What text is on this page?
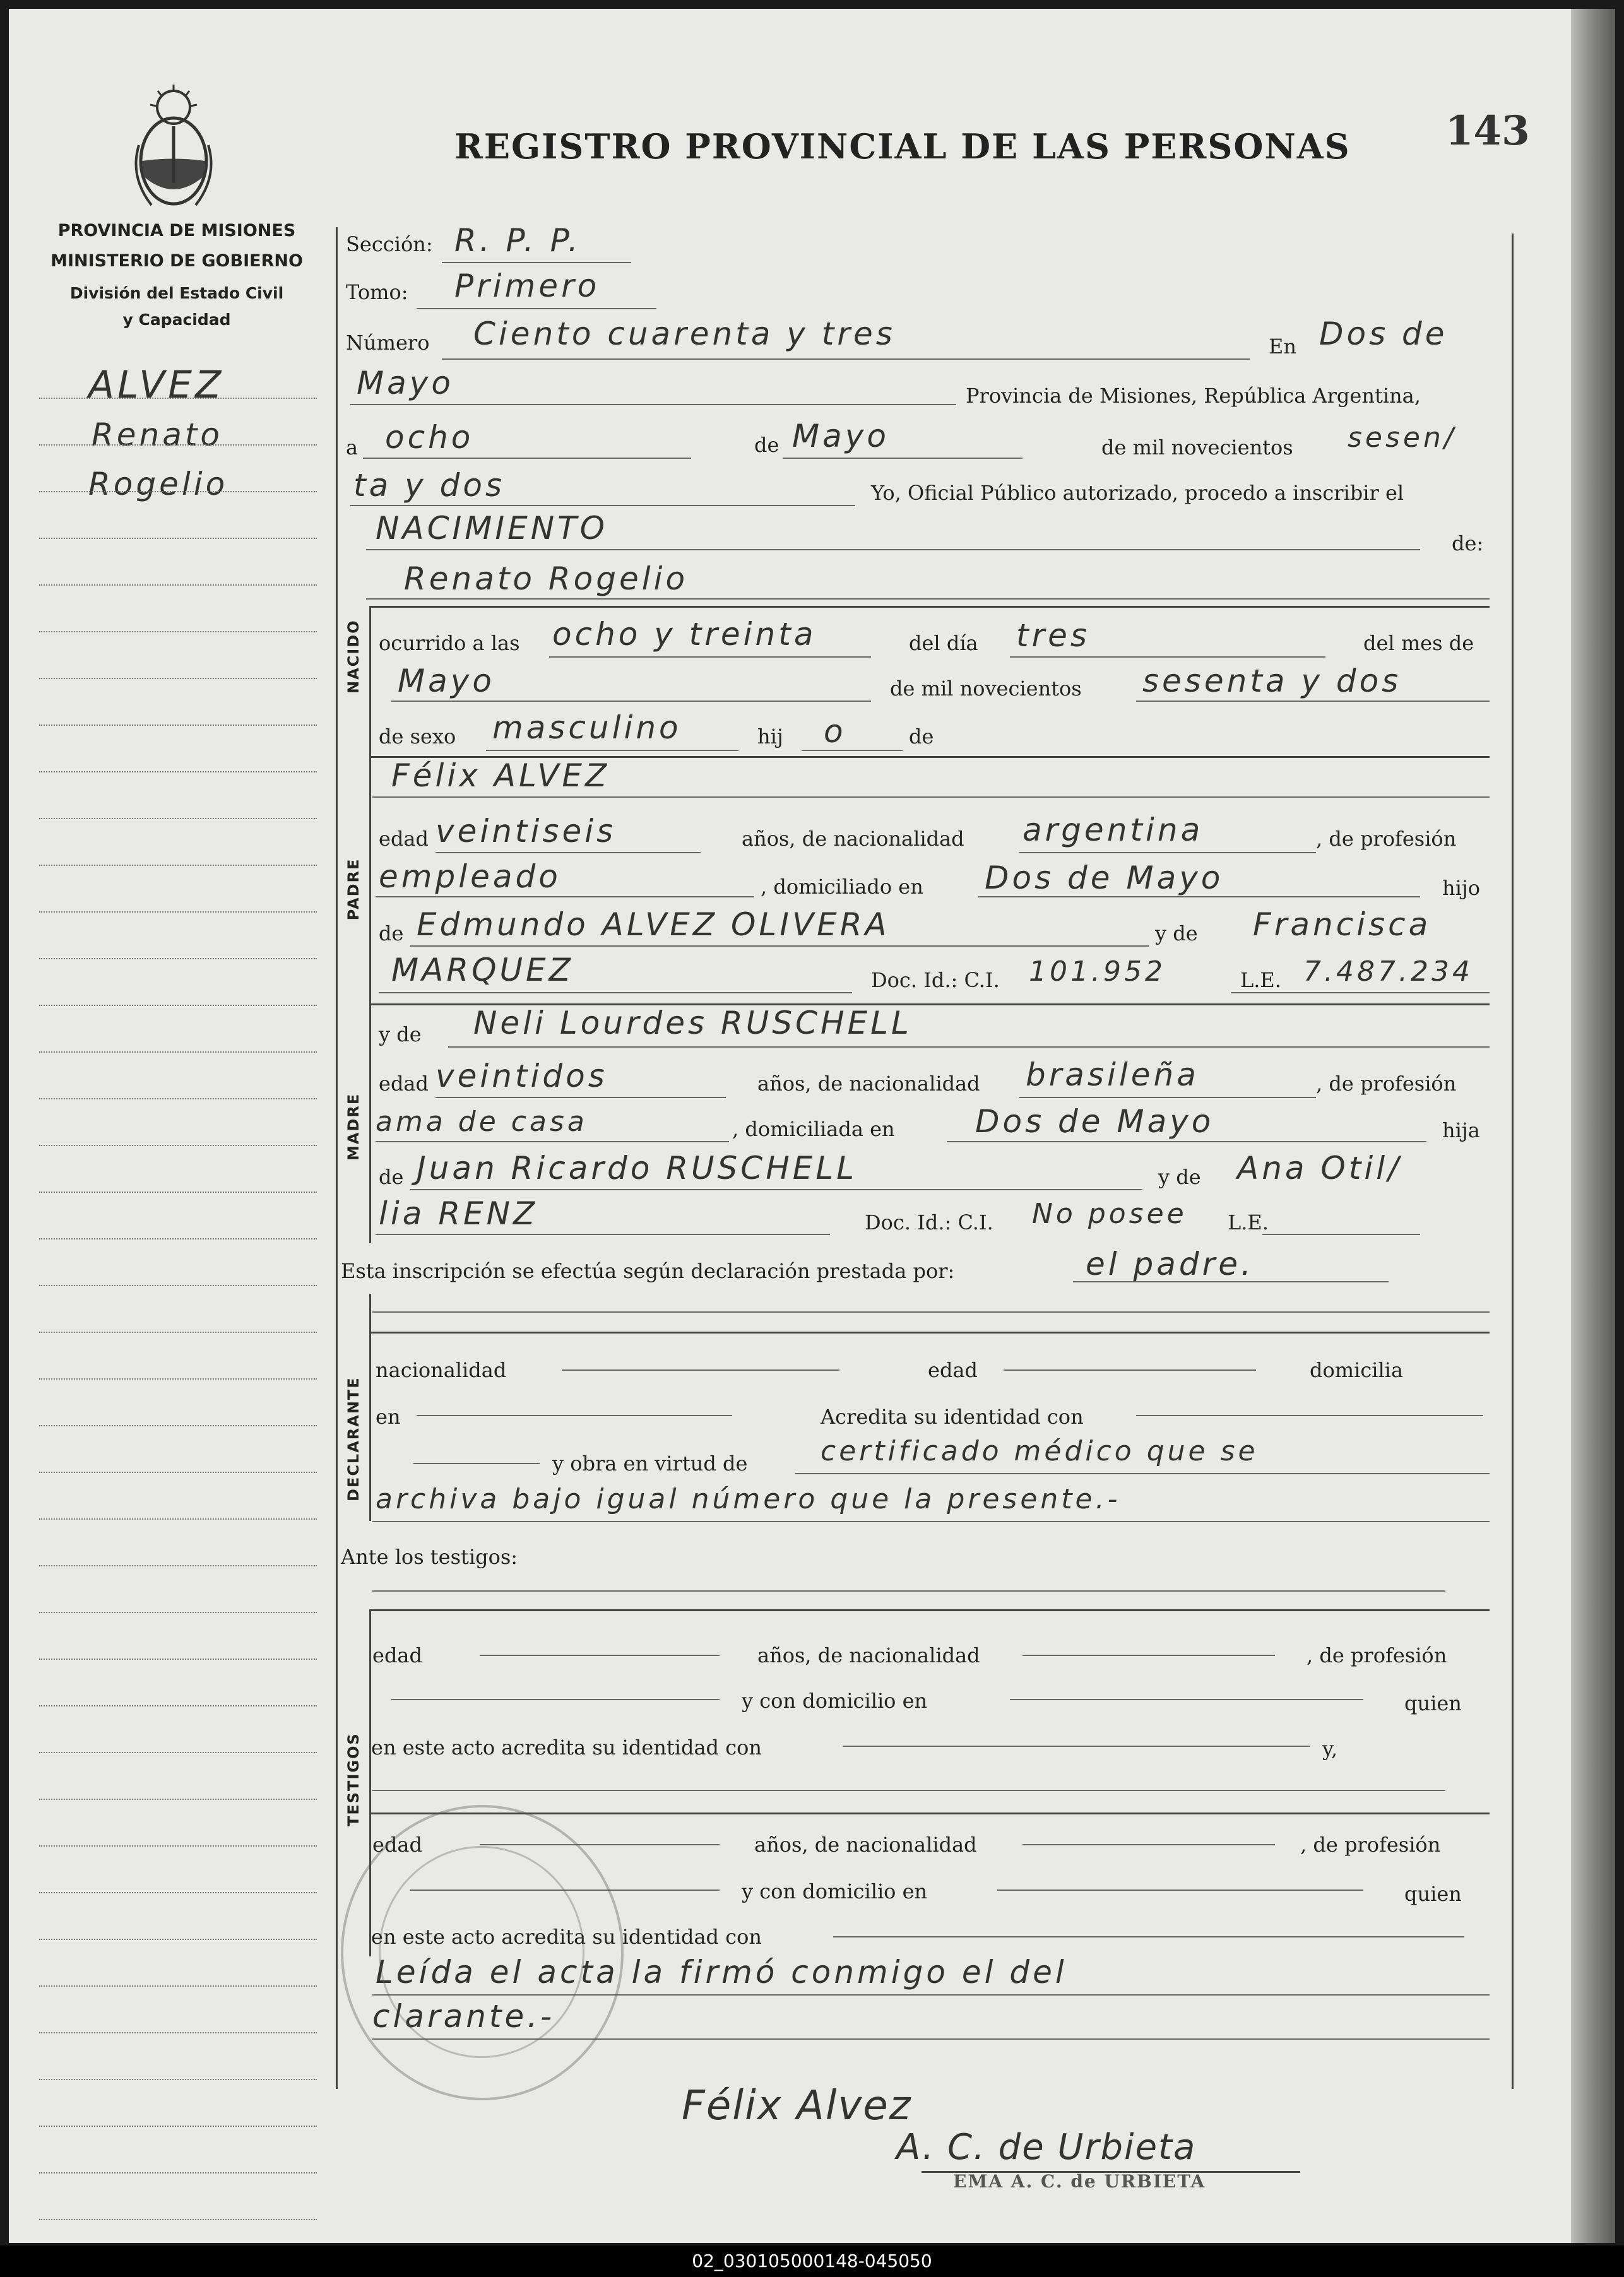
REGISTRO PROVINCIAL DE LAS PERSONAS 143
PROVINCIA DE MISIONES
MINISTERIO DE GOBIERNO
División del Estado Civil
y Capacidad
ALVEZ
Renato
Rogelio
NACIDO
PADRE
MADRE
DECLARANTE
TESTIGOS
Sección: R. P. P.
Tomo: Primero
Número Ciento cuarenta y tres	En Dos de
Mayo	Provincia de Misiones, República Argentina,
a ocho	de Mayo	de mil novecientos sesen/
ta y dos	Yo, Oficial Público autorizado, procedo a inscribir el
NACIMIENTO	de:
Renato Rogelio
ocurrido a las ocho y treinta	del día tres	del mes de
Mayo	de mil novecientos sesenta y dos
de sexo masculino	hij o	de
Félix ALVEZ
edad veintiseis	años, de nacionalidad argentina	, de profesión
empleado	, domiciliado en Dos de Mayo	hijo
de Edmundo ALVEZ OLIVERA	y de Francisca
MARQUEZ	Doc. Id.: C.I. 101.952	L.E. 7.487.234
y de Neli Lourdes RUSCHELL
edad veintidos	años, de nacionalidad brasileña	, de profesión
ama de casa	, domiciliada en	Dos de Mayo	hija
de Juan Ricardo RUSCHELL	y de Ana Otil/
lia RENZ	Doc. Id.: C.I. No posee L.E.
Esta inscripción se efectúa según declaración prestada por:	el padre.
nacionalidad	edad	domicilia
en	Acredita su identidad con
y obra en virtud de	certificado médico que se
archiva bajo igual número que la presente.-
Ante los testigos:
edad	años, de nacionalidad	, de profesión
y con domicilio en	quien
en este acto acredita su identidad con	y,
edad	años, de nacionalidad	, de profesión
y con domicilio en	quien
en este acto acredita su identidad con
Leída el acta la firmó conmigo el del
clarante.-
Félix Alvez
A. C. de Urbieta
EMA A. C. de URBIETA
02_030105000148-045050
